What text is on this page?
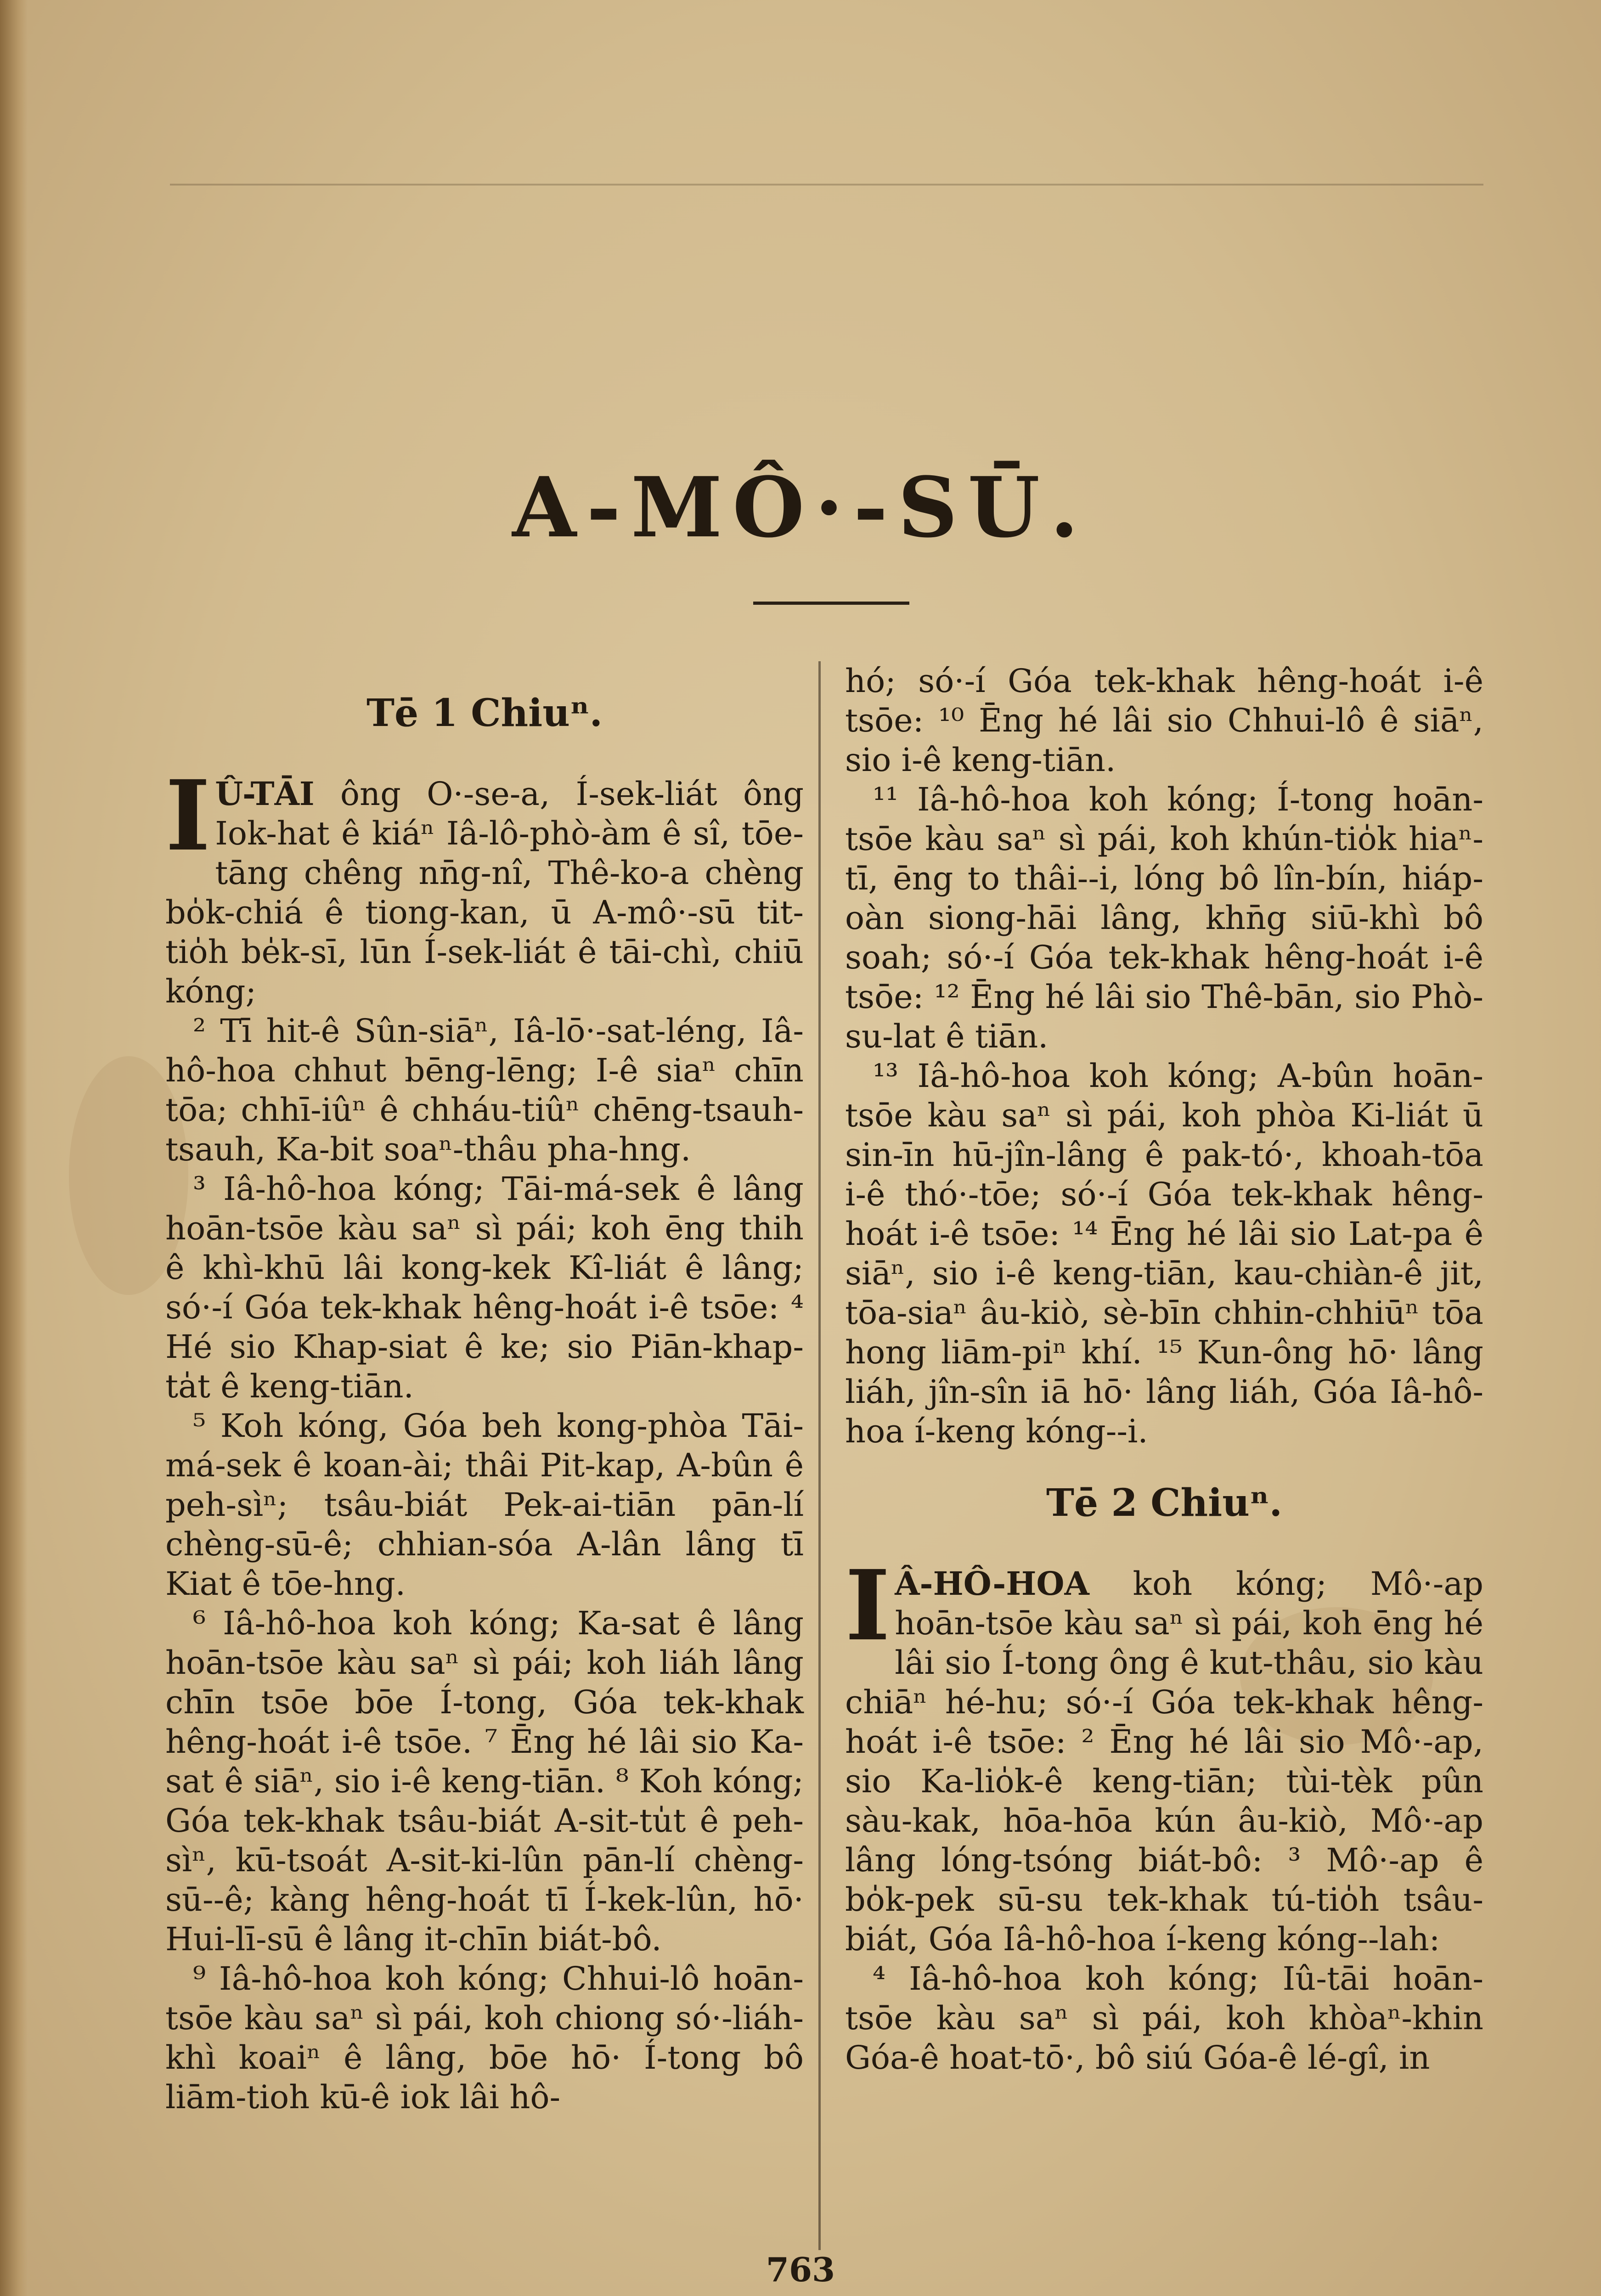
A-MÔ·-SŪ.
Tē 1 Chiuⁿ.

I Û-TĀI ông O·-se-a, Í-sek-liát ông Iok-hat ê kiáⁿ Iâ-lô-phò-àm ê sî, tōe-tāng chêng nn̄g-nî, Thê-ko-a chèng bo̍k-chiá ê tiong-kan, ū A-mô·-sū tit-tio̍h be̍k-sī, lūn Í-sek-liát ê tāi-chì, chiū kóng;

² Tī hit-ê Sûn-siāⁿ, Iâ-lō·-sat-léng, Iâ-hô-hoa chhut bēng-lēng; I-ê siaⁿ chīn tōa; chhī-iûⁿ ê chháu-tiûⁿ chēng-tsauh-tsauh, Ka-bit soaⁿ-thâu pha-hng.

³ Iâ-hô-hoa kóng; Tāi-má-sek ê lâng hoān-tsōe kàu saⁿ sì pái; koh ēng thih ê khì-khū lâi kong-kek Kî-liát ê lâng; só·-í Góa tek-khak hêng-hoát i-ê tsōe: ⁴ Hé sio Khap-siat ê ke; sio Piān-khap-ta̍t ê keng-tiān.

⁵ Koh kóng, Góa beh kong-phòa Tāi-má-sek ê koan-ài; thâi Pit-kap, A-bûn ê peh-sìⁿ; tsâu-biát Pek-ai-tiān pān-lí chèng-sū-ê; chhian-sóa A-lân lâng tī Kiat ê tōe-hng.

⁶ Iâ-hô-hoa koh kóng; Ka-sat ê lâng hoān-tsōe kàu saⁿ sì pái; koh liáh lâng chīn tsōe bōe Í-tong, Góa tek-khak hêng-hoát i-ê tsōe. ⁷ Ēng hé lâi sio Ka-sat ê siāⁿ, sio i-ê keng-tiān. ⁸ Koh kóng; Góa tek-khak tsâu-biát A-sit-tu̍t ê peh-sìⁿ, kū-tsoát A-sit-ki-lûn pān-lí chèng-sū--ê; kàng hêng-hoát tī Í-kek-lûn, hō· Hui-lī-sū ê lâng it-chīn biát-bô.

⁹ Iâ-hô-hoa koh kóng; Chhui-lô hoān-tsōe kàu saⁿ sì pái, koh chiong só·-liáh-khì koaiⁿ ê lâng, bōe hō· Í-tong bô liām-tioh kū-ê iok lâi hô-

hó; só·-í Góa tek-khak hêng-hoát i-ê tsōe: ¹⁰ Ēng hé lâi sio Chhui-lô ê siāⁿ, sio i-ê keng-tiān.

¹¹ Iâ-hô-hoa koh kóng; Í-tong hoān-tsōe kàu saⁿ sì pái, koh khún-tio̍k hiaⁿ-tī, ēng to thâi--i, lóng bô lîn-bín, hiáp-oàn siong-hāi lâng, khn̄g siū-khì bô soah; só·-í Góa tek-khak hêng-hoát i-ê tsōe: ¹² Ēng hé lâi sio Thê-bān, sio Phò-su-lat ê tiān.

¹³ Iâ-hô-hoa koh kóng; A-bûn hoān-tsōe kàu saⁿ sì pái, koh phòa Ki-liát ū sin-īn hū-jîn-lâng ê pak-tó·, khoah-tōa i-ê thó·-tōe; só·-í Góa tek-khak hêng-hoát i-ê tsōe: ¹⁴ Ēng hé lâi sio Lat-pa ê siāⁿ, sio i-ê keng-tiān, kau-chiàn-ê jit, tōa-siaⁿ âu-kiò, sè-bīn chhin-chhiūⁿ tōa hong liām-piⁿ khí. ¹⁵ Kun-ông hō· lâng liáh, jîn-sîn iā hō· lâng liáh, Góa Iâ-hô-hoa í-keng kóng--i.

Tē 2 Chiuⁿ.

I Â-HÔ-HOA koh kóng; Mô·-ap hoān-tsōe kàu saⁿ sì pái, koh ēng hé lâi sio Í-tong ông ê kut-thâu, sio kàu chiāⁿ hé-hu; só·-í Góa tek-khak hêng-hoát i-ê tsōe: ² Ēng hé lâi sio Mô·-ap, sio Ka-lio̍k-ê keng-tiān; tùi-tèk pûn sàu-kak, hōa-hōa kún âu-kiò, Mô·-ap lâng lóng-tsóng biát-bô: ³ Mô·-ap ê bo̍k-pek sū-su tek-khak tú-tio̍h tsâu-biát, Góa Iâ-hô-hoa í-keng kóng--lah:

⁴ Iâ-hô-hoa koh kóng; Iû-tāi hoān-tsōe kàu saⁿ sì pái, koh khòaⁿ-khin Góa-ê hoat-tō·, bô siú Góa-ê lé-gî, in

763
